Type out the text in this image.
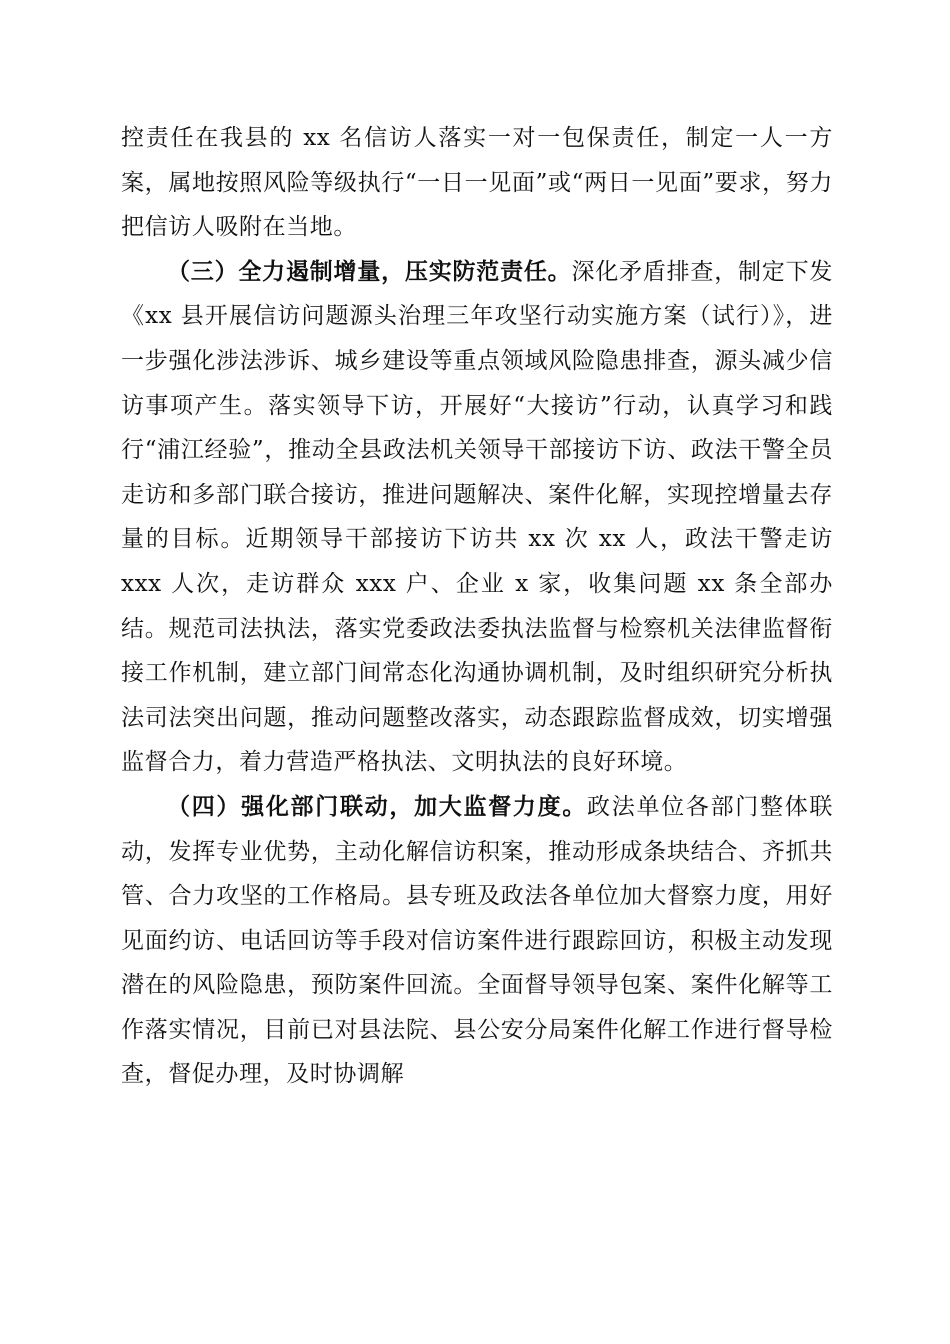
控责任在我县的 xx 名信访人落实一对一包保责任，制定一人一方案，属地按照风险等级执行“一日一见面”或“两日一见面”要求，努力把信访人吸附在当地。

（三）全力遏制增量，压实防范责任。深化矛盾排查，制定下发《xx 县开展信访问题源头治理三年攻坚行动实施方案（试行）》，进一步强化涉法涉诉、城乡建设等重点领域风险隐患排查，源头减少信访事项产生。落实领导下访，开展好“大接访”行动，认真学习和践行“浦江经验”，推动全县政法机关领导干部接访下访、政法干警全员走访和多部门联合接访，推进问题解决、案件化解，实现控增量去存量的目标。近期领导干部接访下访共 xx 次 xx 人，政法干警走访 xxx 人次，走访群众 xxx 户、企业 x 家，收集问题 xx 条全部办结。规范司法执法，落实党委政法委执法监督与检察机关法律监督衔接工作机制，建立部门间常态化沟通协调机制，及时组织研究分析执法司法突出问题，推动问题整改落实，动态跟踪监督成效，切实增强监督合力，着力营造严格执法、文明执法的良好环境。

（四）强化部门联动，加大监督力度。政法单位各部门整体联动，发挥专业优势，主动化解信访积案，推动形成条块结合、齐抓共管、合力攻坚的工作格局。县专班及政法各单位加大督察力度，用好见面约访、电话回访等手段对信访案件进行跟踪回访，积极主动发现潜在的风险隐患，预防案件回流。全面督导领导包案、案件化解等工作落实情况，目前已对县法院、县公安分局案件化解工作进行督导检查，督促办理，及时协调解
